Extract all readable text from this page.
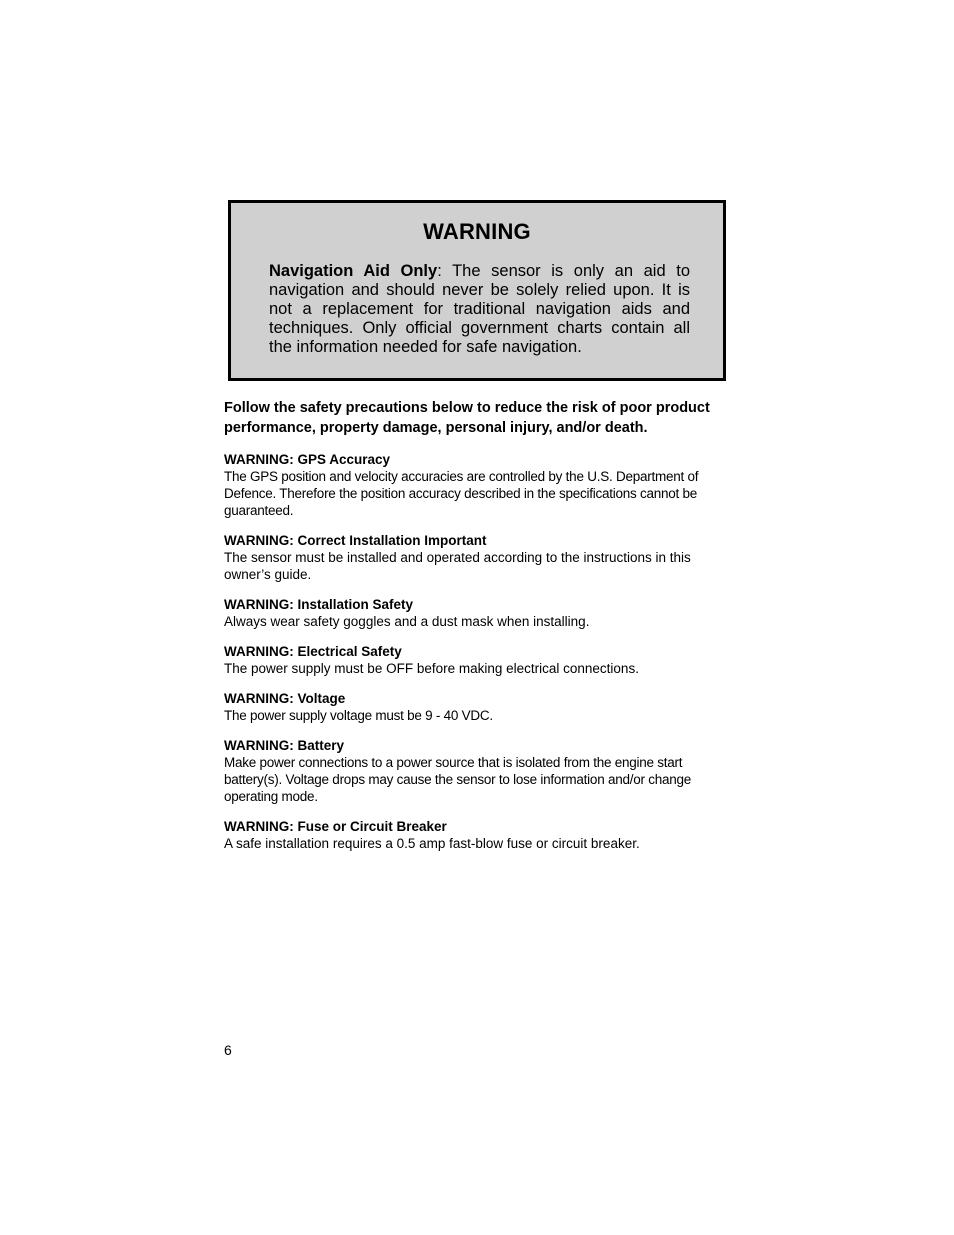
WARNING
Navigation Aid Only: The sensor is only an aid to navigation and should never be solely relied upon. It is not a replacement for traditional navigation aids and techniques. Only official government charts contain all the information needed for safe navigation.
Follow the safety precautions below to reduce the risk of poor product performance, property damage, personal injury, and/or death.
WARNING: GPS Accuracy
The GPS position and velocity accuracies are controlled by the U.S. Department of Defence. Therefore the position accuracy described in the specifications cannot be guaranteed.
WARNING: Correct Installation Important
The sensor must be installed and operated according to the instructions in this owner’s guide.
WARNING: Installation Safety
Always wear safety goggles and a dust mask when installing.
WARNING: Electrical Safety
The power supply must be OFF before making electrical connections.
WARNING: Voltage
The power supply voltage must be 9 - 40 VDC.
WARNING: Battery
Make power connections to a power source that is isolated from the engine start battery(s). Voltage drops may cause the sensor to lose information and/or change operating mode.
WARNING: Fuse or Circuit Breaker
A safe installation requires a 0.5 amp fast-blow fuse or circuit breaker.
6
